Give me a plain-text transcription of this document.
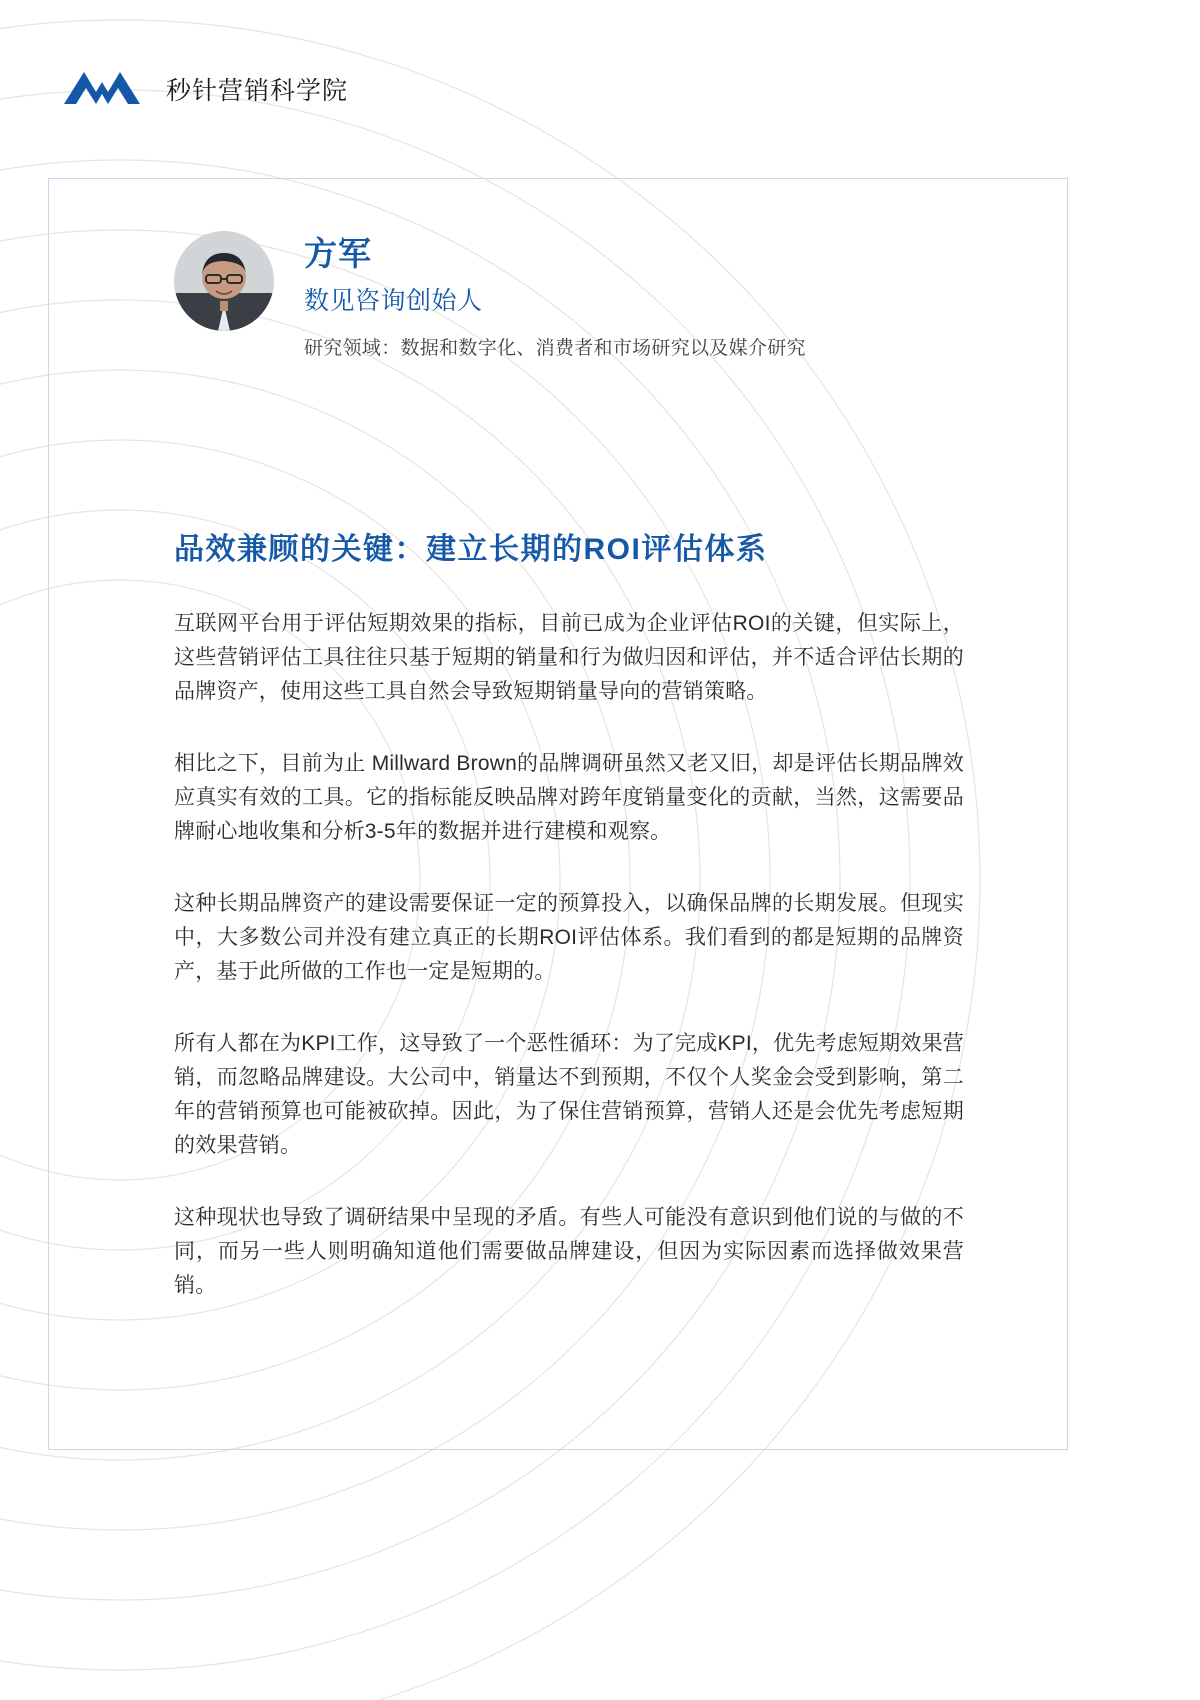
秒针营销科学院
方军
数见咨询创始人
研究领域：数据和数字化、消费者和市场研究以及媒介研究
品效兼顾的关键：建立长期的ROI评估体系

互联网平台用于评估短期效果的指标，目前已成为企业评估ROI的关键，但实际上，这些营销评估工具往往只基于短期的销量和行为做归因和评估，并不适合评估长期的品牌资产，使用这些工具自然会导致短期销量导向的营销策略。

相比之下，目前为止 Millward Brown的品牌调研虽然又老又旧，却是评估长期品牌效应真实有效的工具。它的指标能反映品牌对跨年度销量变化的贡献，当然，这需要品牌耐心地收集和分析3-5年的数据并进行建模和观察。

这种长期品牌资产的建设需要保证一定的预算投入，以确保品牌的长期发展。但现实中，大多数公司并没有建立真正的长期ROI评估体系。我们看到的都是短期的品牌资产，基于此所做的工作也一定是短期的。

所有人都在为KPI工作，这导致了一个恶性循环：为了完成KPI，优先考虑短期效果营销，而忽略品牌建设。大公司中，销量达不到预期，不仅个人奖金会受到影响，第二年的营销预算也可能被砍掉。因此，为了保住营销预算，营销人还是会优先考虑短期的效果营销。

这种现状也导致了调研结果中呈现的矛盾。有些人可能没有意识到他们说的与做的不同，而另一些人则明确知道他们需要做品牌建设，但因为实际因素而选择做效果营销。
